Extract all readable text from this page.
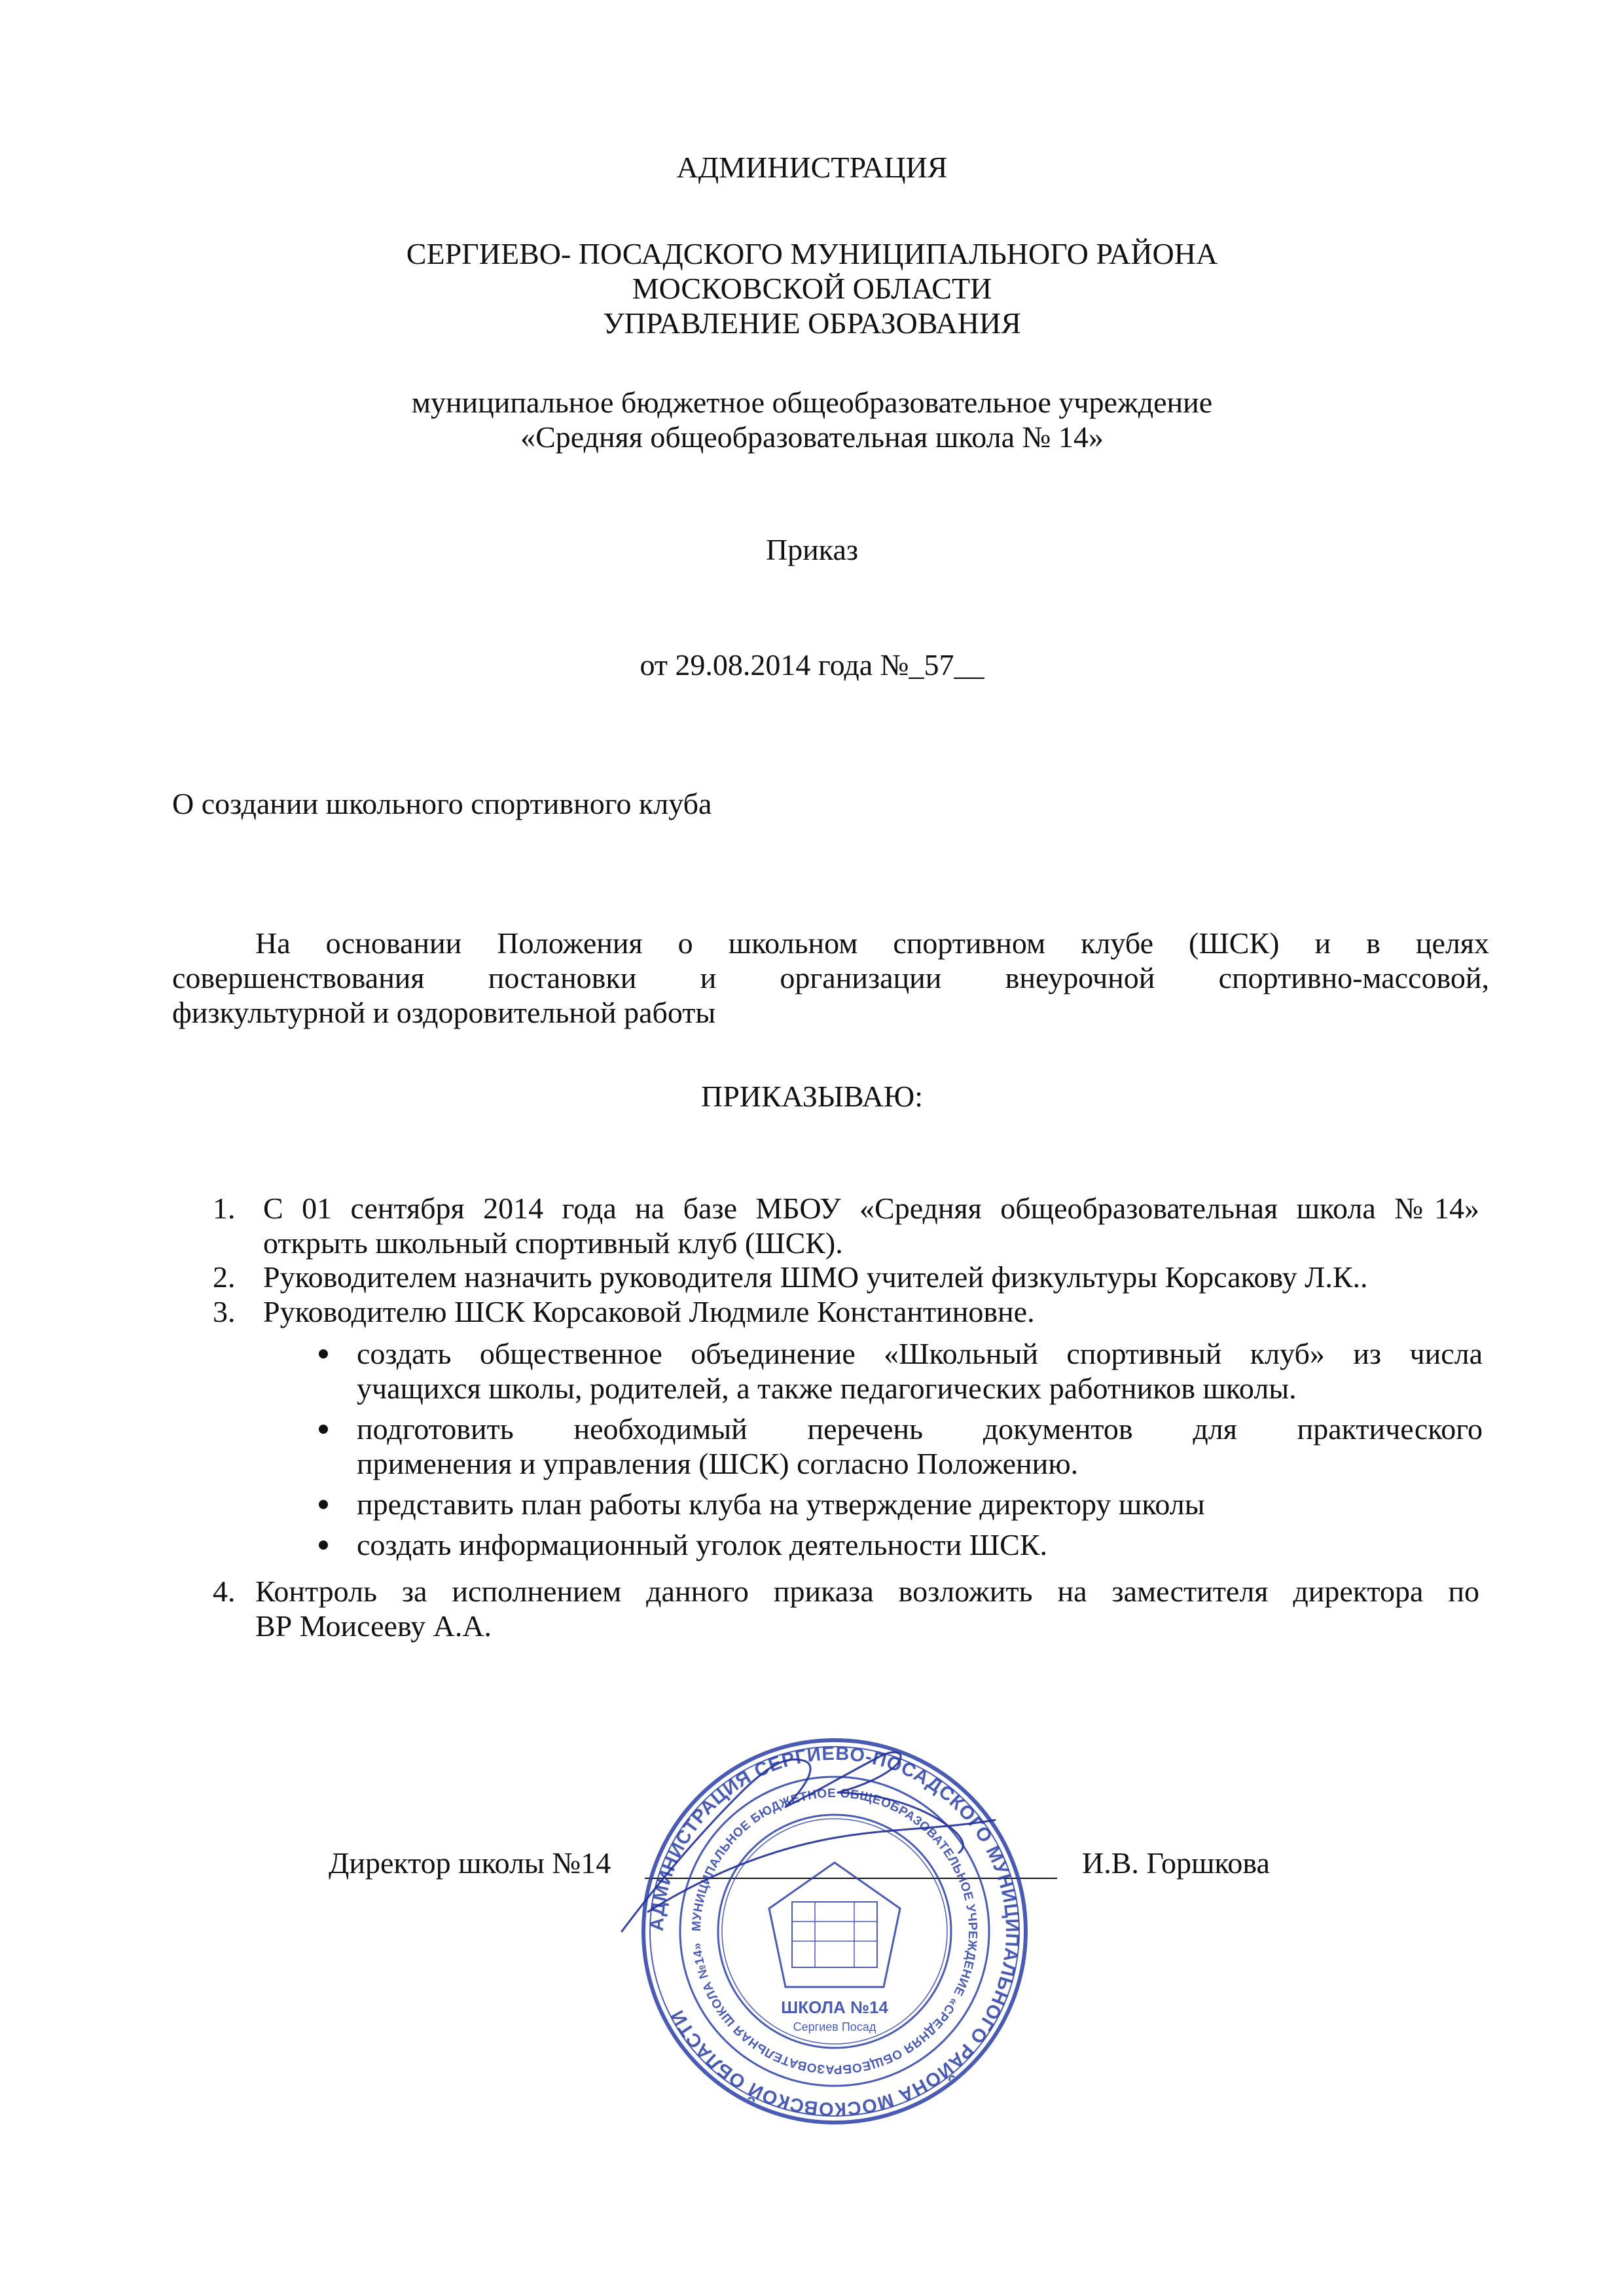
АДМИНИСТРАЦИЯ
СЕРГИЕВО- ПОСАДСКОГО МУНИЦИПАЛЬНОГО РАЙОНА
МОСКОВСКОЙ ОБЛАСТИ
УПРАВЛЕНИЕ ОБРАЗОВАНИЯ
муниципальное бюджетное общеобразовательное учреждение
«Средняя общеобразовательная школа № 14»
Приказ
от 29.08.2014 года №_57__
О создании школьного спортивного клуба
На основании Положения о школьном спортивном клубе (ШСК) и в целях
совершенствования постановки и организации внеурочной спортивно-массовой,
физкультурной и оздоровительной работы
ПРИКАЗЫВАЮ:
1. С 01 сентября 2014 года на базе МБОУ «Средняя общеобразовательная школа №14»
открыть школьный спортивный клуб (ШСК).
2. Руководителем назначить руководителя ШМО учителей физкультуры Корсакову Л.К..
3. Руководителю ШСК Корсаковой Людмиле Константиновне.
создать общественное объединение «Школьный спортивный клуб» из числа
учащихся школы, родителей, а также педагогических работников школы.
подготовить необходимый перечень документов для практического
применения и управления (ШСК) согласно Положению.
представить план работы клуба на утверждение директору школы
создать информационный уголок деятельности ШСК.
4. Контроль за исполнением данного приказа возложить на заместителя директора по
ВР Моисееву А.А.
Директор школы №14	И.В. Горшкова
АДМИНИСТРАЦИЯ СЕРГИЕВО-ПОСАДСКОГО МУНИЦИПАЛЬНОГО РАЙОНА МОСКОВСКОЙ ОБЛАСТИ
МУНИЦИПАЛЬНОЕ БЮДЖЕТНОЕ ОБЩЕОБРАЗОВАТЕЛЬНОЕ УЧРЕЖДЕНИЕ «СРЕДНЯЯ ОБЩЕОБРАЗОВАТЕЛЬНАЯ ШКОЛА №14»
ШКОЛА №14
Сергиев Посад
